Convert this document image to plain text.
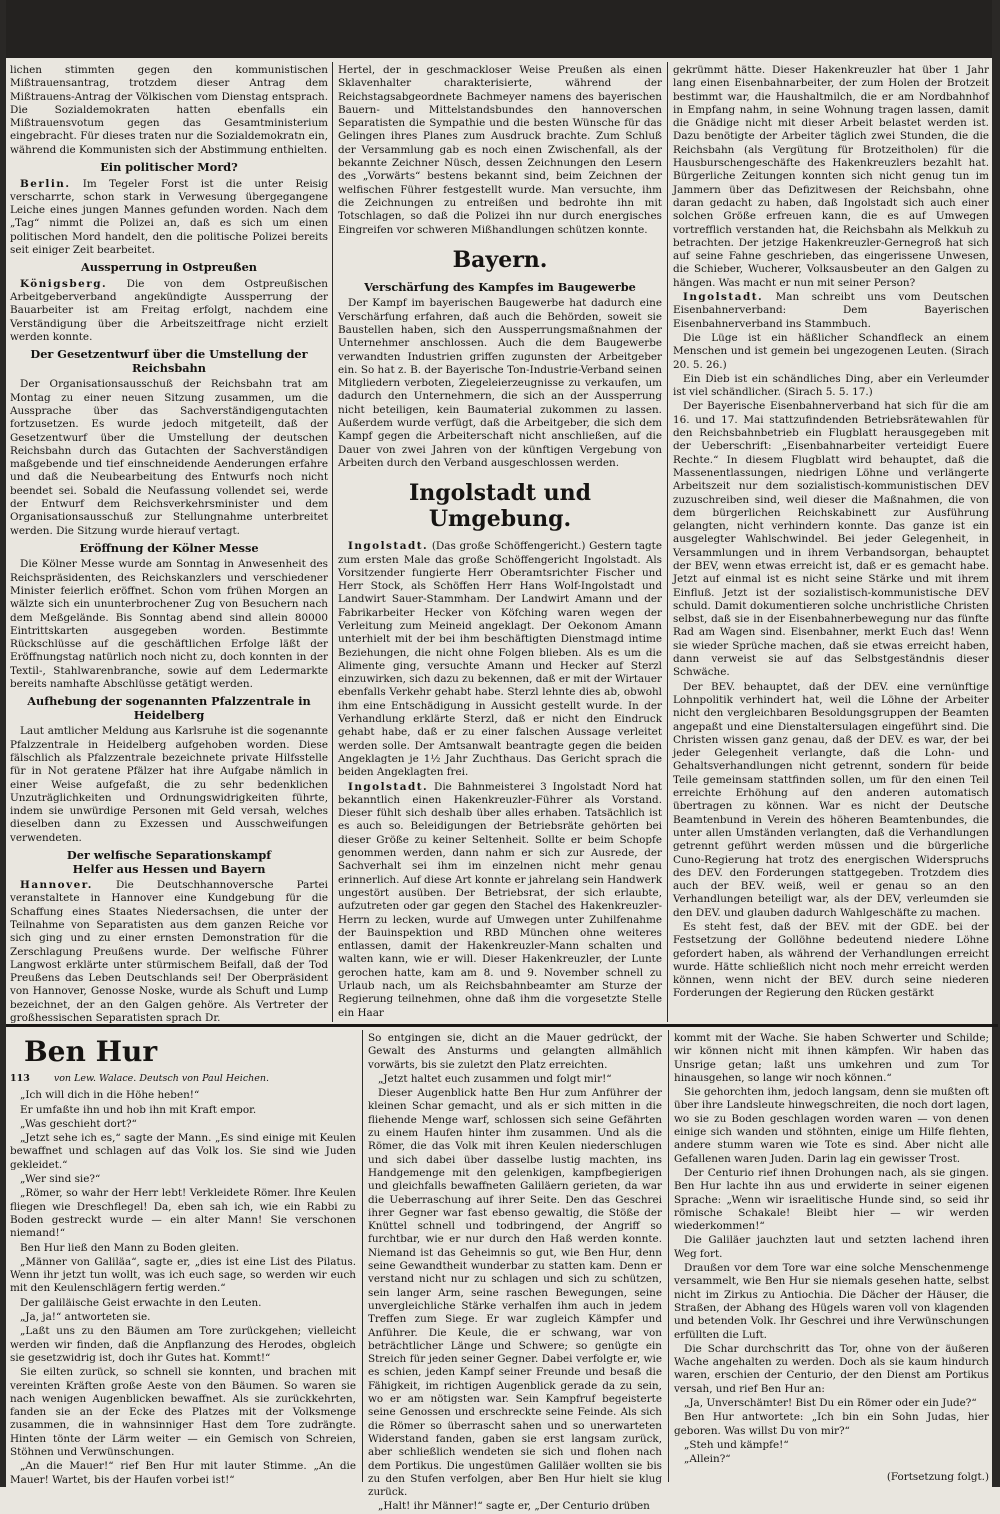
lichen stimmten gegen den kommunistischen Mißtrauensantrag, trotzdem dieser Antrag dem Mißtrauens-Antrag der Völkischen vom Dienstag entsprach. Die Sozialdemokraten hatten ebenfalls ein Mißtrauensvotum gegen das Gesamtministerium eingebracht. Für dieses traten nur die Sozialdemokratn ein, während die Kommunisten sich der Abstimmung enthielten.

Ein politischer Mord?

Berlin. Im Tegeler Forst ist die unter Reisig verscharrte, schon stark in Verwesung übergegangene Leiche eines jungen Mannes gefunden worden. Nach dem „Tag“ nimmt die Polizei an, daß es sich um einen politischen Mord handelt, den die politische Polizei bereits seit einiger Zeit bearbeitet.

Aussperrung in Ostpreußen

Königsberg. Die von dem Ostpreußischen Arbeitgeberverband angekündigte Aussperrung der Bauarbeiter ist am Freitag erfolgt, nachdem eine Verständigung über die Arbeitszeitfrage nicht erzielt werden konnte.

Der Gesetzentwurf über die Umstellung der Reichsbahn

Der Organisationsausschuß der Reichsbahn trat am Montag zu einer neuen Sitzung zusammen, um die Aussprache über das Sachverständigengutachten fortzusetzen. Es wurde jedoch mitgeteilt, daß der Gesetzentwurf über die Umstellung der deutschen Reichsbahn durch das Gutachten der Sachverständigen maßgebende und tief einschneidende Aenderungen erfahre und daß die Neubearbeitung des Entwurfs noch nicht beendet sei. Sobald die Neufassung vollendet sei, werde der Entwurf dem Reichsverkehrsminister und dem Organisationsausschuß zur Stellungnahme unterbreitet werden. Die Sitzung wurde hierauf vertagt.

Eröffnung der Kölner Messe

Die Kölner Messe wurde am Sonntag in Anwesenheit des Reichspräsidenten, des Reichskanzlers und verschiedener Minister feierlich eröffnet. Schon vom frühen Morgen an wälzte sich ein ununterbrochener Zug von Besuchern nach dem Meßgelände. Bis Sonntag abend sind allein 80000 Eintrittskarten ausgegeben worden. Bestimmte Rückschlüsse auf die geschäftlichen Erfolge läßt der Eröffnungstag natürlich noch nicht zu, doch konnten in der Textil-, Stahlwarenbranche, sowie auf dem Ledermarkte bereits namhafte Abschlüsse getätigt werden.

Aufhebung der sogenannten Pfalzzentrale in Heidelberg

Laut amtlicher Meldung aus Karlsruhe ist die sogenannte Pfalzzentrale in Heidelberg aufgehoben worden. Diese fälschlich als Pfalzzentrale bezeichnete private Hilfsstelle für in Not geratene Pfälzer hat ihre Aufgabe nämlich in einer Weise aufgefaßt, die zu sehr bedenklichen Unzuträglichkeiten und Ordnungswidrigkeiten führte, indem sie unwürdige Personen mit Geld versah, welches dieselben dann zu Exzessen und Ausschweifungen verwendeten.

Der welfische Separationskampf
Helfer aus Hessen und Bayern

Hannover. Die Deutschhannoversche Partei veranstaltete in Hannover eine Kundgebung für die Schaffung eines Staates Niedersachsen, die unter der Teilnahme von Separatisten aus dem ganzen Reiche vor sich ging und zu einer ernsten Demonstration für die Zerschlagung Preußens wurde. Der welfische Führer Langwost erklärte unter stürmischem Beifall, daß der Tod Preußens das Leben Deutschlands sei! Der Oberpräsident von Hannover, Genosse Noske, wurde als Schuft und Lump bezeichnet, der an den Galgen gehöre. Als Vertreter der großhessischen Separatisten sprach Dr.

Hertel, der in geschmackloser Weise Preußen als einen Sklavenhalter charakterisierte, während der Reichstagsabgeordnete Bachmeyer namens des bayerischen Bauern- und Mittelstandsbundes den hannoverschen Separatisten die Sympathie und die besten Wünsche für das Gelingen ihres Planes zum Ausdruck brachte. Zum Schluß der Versammlung gab es noch einen Zwischenfall, als der bekannte Zeichner Nüsch, dessen Zeichnungen den Lesern des „Vorwärts“ bestens bekannt sind, beim Zeichnen der welfischen Führer festgestellt wurde. Man versuchte, ihm die Zeichnungen zu entreißen und bedrohte ihn mit Totschlagen, so daß die Polizei ihn nur durch energisches Eingreifen vor schweren Mißhandlungen schützen konnte.

Bayern.
Verschärfung des Kampfes im Baugewerbe

Der Kampf im bayerischen Baugewerbe hat dadurch eine Verschärfung erfahren, daß auch die Behörden, soweit sie Baustellen haben, sich den Aussperrungsmaßnahmen der Unternehmer anschlossen. Auch die dem Baugewerbe verwandten Industrien griffen zugunsten der Arbeitgeber ein. So hat z. B. der Bayerische Ton-Industrie-Verband seinen Mitgliedern verboten, Ziegeleierzeugnisse zu verkaufen, um dadurch den Unternehmern, die sich an der Aussperrung nicht beteiligen, kein Baumaterial zukommen zu lassen. Außerdem wurde verfügt, daß die Arbeitgeber, die sich dem Kampf gegen die Arbeiterschaft nicht anschließen, auf die Dauer von zwei Jahren von der künftigen Vergebung von Arbeiten durch den Verband ausgeschlossen werden.

Ingolstadt und Umgebung.

Ingolstadt. (Das große Schöffengericht.) Gestern tagte zum ersten Male das große Schöffengericht Ingolstadt. Als Vorsitzender fungierte Herr Oberamtsrichter Fischer und Herr Stock, als Schöffen Herr Hans Wolf-Ingolstadt und Landwirt Sauer-Stammham. Der Landwirt Amann und der Fabrikarbeiter Hecker von Köfching waren wegen der Verleitung zum Meineid angeklagt. Der Oekonom Amann unterhielt mit der bei ihm beschäftigten Dienstmagd intime Beziehungen, die nicht ohne Folgen blieben. Als es um die Alimente ging, versuchte Amann und Hecker auf Sterzl einzuwirken, sich dazu zu bekennen, daß er mit der Wirtauer ebenfalls Verkehr gehabt habe. Sterzl lehnte dies ab, obwohl ihm eine Entschädigung in Aussicht gestellt wurde. In der Verhandlung erklärte Sterzl, daß er nicht den Eindruck gehabt habe, daß er zu einer falschen Aussage verleitet werden solle. Der Amtsanwalt beantragte gegen die beiden Angeklagten je 1½ Jahr Zuchthaus. Das Gericht sprach die beiden Angeklagten frei.

Ingolstadt. Die Bahnmeisterei 3 Ingolstadt Nord hat bekanntlich einen Hakenkreuzler-Führer als Vorstand. Dieser fühlt sich deshalb über alles erhaben. Tatsächlich ist es auch so. Beleidigungen der Betriebsräte gehörten bei dieser Größe zu keiner Seltenheit. Sollte er beim Schopfe genommen werden, dann nahm er sich zur Ausrede, der Sachverhalt sei ihm im einzelnen nicht mehr genau erinnerlich. Auf diese Art konnte er jahrelang sein Handwerk ungestört ausüben. Der Betriebsrat, der sich erlaubte, aufzutreten oder gar gegen den Stachel des Hakenkreuzler-Herrn zu lecken, wurde auf Umwegen unter Zuhilfenahme der Bauinspektion und RBD München ohne weiteres entlassen, damit der Hakenkreuzler-Mann schalten und walten kann, wie er will. Dieser Hakenkreuzler, der Lunte gerochen hatte, kam am 8. und 9. November schnell zu Urlaub nach, um als Reichsbahnbeamter am Sturze der Regierung teilnehmen, ohne daß ihm die vorgesetzte Stelle ein Haar

gekrümmt hätte. Dieser Hakenkreuzler hat über 1 Jahr lang einen Eisenbahnarbeiter, der zum Holen der Brotzeit bestimmt war, die Haushaltmilch, die er am Nordbahnhof in Empfang nahm, in seine Wohnung tragen lassen, damit die Gnädige nicht mit dieser Arbeit belastet werden ist. Dazu benötigte der Arbeiter täglich zwei Stunden, die die Reichsbahn (als Vergütung für Brotzeitholen) für die Hausburschengeschäfte des Hakenkreuzlers bezahlt hat. Bürgerliche Zeitungen konnten sich nicht genug tun im Jammern über das Defizitwesen der Reichsbahn, ohne daran gedacht zu haben, daß Ingolstadt sich auch einer solchen Größe erfreuen kann, die es auf Umwegen vortrefflich verstanden hat, die Reichsbahn als Melkkuh zu betrachten. Der jetzige Hakenkreuzler-Gernegroß hat sich auf seine Fahne geschrieben, das eingerissene Unwesen, die Schieber, Wucherer, Volksausbeuter an den Galgen zu hängen. Was macht er nun mit seiner Person?

Ingolstadt. Man schreibt uns vom Deutschen Eisenbahnerverband: Dem Bayerischen Eisenbahnerverband ins Stammbuch.

Die Lüge ist ein häßlicher Schandfleck an einem Menschen und ist gemein bei ungezogenen Leuten. (Sirach 20. 5. 26.)

Ein Dieb ist ein schändliches Ding, aber ein Verleumder ist viel schändlicher. (Sirach 5. 5. 17.)

Der Bayerische Eisenbahnerverband hat sich für die am 16. und 17. Mai stattzufindenden Betriebsrätewahlen für den Reichsbahnbetrieb ein Flugblatt herausgegeben mit der Ueberschrift: „Eisenbahnarbeiter verteidigt Euere Rechte.“ In diesem Flugblatt wird behauptet, daß die Massenentlassungen, niedrigen Löhne und verlängerte Arbeitszeit nur dem sozialistisch-kommunistischen DEV zuzuschreiben sind, weil dieser die Maßnahmen, die von dem bürgerlichen Reichskabinett zur Ausführung gelangten, nicht verhindern konnte. Das ganze ist ein ausgelegter Wahlschwindel. Bei jeder Gelegenheit, in Versammlungen und in ihrem Verbandsorgan, behauptet der BEV, wenn etwas erreicht ist, daß er es gemacht habe. Jetzt auf einmal ist es nicht seine Stärke und mit ihrem Einfluß. Jetzt ist der sozialistisch-kommunistische DEV schuld. Damit dokumentieren solche unchristliche Christen selbst, daß sie in der Eisenbahnerbewegung nur das fünfte Rad am Wagen sind. Eisenbahner, merkt Euch das! Wenn sie wieder Sprüche machen, daß sie etwas erreicht haben, dann verweist sie auf das Selbstgeständnis dieser Schwäche.

Der BEV. behauptet, daß der DEV. eine vernünftige Lohnpolitik verhindert hat, weil die Löhne der Arbeiter nicht den vergleichbaren Besoldungsgruppen der Beamten angepaßt und eine Dienstaltersulagen eingeführt sind. Die Christen wissen ganz genau, daß der DEV. es war, der bei jeder Gelegenheit verlangte, daß die Lohn- und Gehaltsverhandlungen nicht getrennt, sondern für beide Teile gemeinsam stattfinden sollen, um für den einen Teil erreichte Erhöhung auf den anderen automatisch übertragen zu können. War es nicht der Deutsche Beamtenbund in Verein des höheren Beamtenbundes, die unter allen Umständen verlangten, daß die Verhandlungen getrennt geführt werden müssen und die bürgerliche Cuno-Regierung hat trotz des energischen Widerspruchs des DEV. den Forderungen stattgegeben. Trotzdem dies auch der BEV. weiß, weil er genau so an den Verhandlungen beteiligt war, als der DEV, verleumden sie den DEV. und glauben dadurch Wahlgeschäfte zu machen.

Es steht fest, daß der BEV. mit der GDE. bei der Festsetzung der Gollöhne bedeutend niedere Löhne gefordert haben, als während der Verhandlungen erreicht wurde. Hätte schließlich nicht noch mehr erreicht werden können, wenn nicht der BEV. durch seine niederen Forderungen der Regierung den Rücken gestärkt

Ben Hur
113	von Lew. Walace. Deutsch von Paul Heichen.

„Ich will dich in die Höhe heben!“

Er umfaßte ihn und hob ihn mit Kraft empor.

„Was geschieht dort?“

„Jetzt sehe ich es,“ sagte der Mann. „Es sind einige mit Keulen bewaffnet und schlagen auf das Volk los. Sie sind wie Juden gekleidet.“

„Wer sind sie?“

„Römer, so wahr der Herr lebt! Verkleidete Römer. Ihre Keulen fliegen wie Dreschflegel! Da, eben sah ich, wie ein Rabbi zu Boden gestreckt wurde — ein alter Mann! Sie verschonen niemand!“

Ben Hur ließ den Mann zu Boden gleiten.

„Männer von Galiläa“, sagte er, „dies ist eine List des Pilatus. Wenn ihr jetzt tun wollt, was ich euch sage, so werden wir euch mit den Keulenschlägern fertig werden.“

Der galiläische Geist erwachte in den Leuten.

„Ja, ja!“ antworteten sie.

„Laßt uns zu den Bäumen am Tore zurückgehen; vielleicht werden wir finden, daß die Anpflanzung des Herodes, obgleich sie gesetzwidrig ist, doch ihr Gutes hat. Kommt!“

Sie eilten zurück, so schnell sie konnten, und brachen mit vereinten Kräften große Aeste von den Bäumen. So waren sie nach wenigen Augenblicken bewaffnet. Als sie zurückkehrten, fanden sie an der Ecke des Platzes mit der Volksmenge zusammen, die in wahnsinniger Hast dem Tore zudrängte. Hinten tönte der Lärm weiter — ein Gemisch von Schreien, Stöhnen und Verwünschungen.

„An die Mauer!“ rief Ben Hur mit lauter Stimme. „An die Mauer! Wartet, bis der Haufen vorbei ist!“

So entgingen sie, dicht an die Mauer gedrückt, der Gewalt des Ansturms und gelangten allmählich vorwärts, bis sie zuletzt den Platz erreichten.

„Jetzt haltet euch zusammen und folgt mir!“

Dieser Augenblick hatte Ben Hur zum Anführer der kleinen Schar gemacht, und als er sich mitten in die fliehende Menge warf, schlossen sich seine Gefährten zu einem Haufen hinter ihm zusammen. Und als die Römer, die das Volk mit ihren Keulen niederschlugen und sich dabei über dasselbe lustig machten, ins Handgemenge mit den gelenkigen, kampfbegierigen und gleichfalls bewaffneten Galiläern gerieten, da war die Ueberraschung auf ihrer Seite. Den das Geschrei ihrer Gegner war fast ebenso gewaltig, die Stöße der Knüttel schnell und todbringend, der Angriff so furchtbar, wie er nur durch den Haß werden konnte. Niemand ist das Geheimnis so gut, wie Ben Hur, denn seine Gewandtheit wunderbar zu statten kam. Denn er verstand nicht nur zu schlagen und sich zu schützen, sein langer Arm, seine raschen Bewegungen, seine unvergleichliche Stärke verhalfen ihm auch in jedem Treffen zum Siege. Er war zugleich Kämpfer und Anführer. Die Keule, die er schwang, war von beträchtlicher Länge und Schwere; so genügte ein Streich für jeden seiner Gegner. Dabei verfolgte er, wie es schien, jeden Kampf seiner Freunde und besaß die Fähigkeit, im richtigen Augenblick gerade da zu sein, wo er am nötigsten war. Sein Kampfruf begeisterte seine Genossen und erschreckte seine Feinde. Als sich die Römer so überrascht sahen und so unerwarteten Widerstand fanden, gaben sie erst langsam zurück, aber schließlich wendeten sie sich und flohen nach dem Portikus. Die ungestümen Galiläer wollten sie bis zu den Stufen verfolgen, aber Ben Hur hielt sie klug zurück.

„Halt! ihr Männer!“ sagte er, „Der Centurio drüben

kommt mit der Wache. Sie haben Schwerter und Schilde; wir können nicht mit ihnen kämpfen. Wir haben das Unsrige getan; laßt uns umkehren und zum Tor hinausgehen, so lange wir noch können.“

Sie gehorchten ihm, jedoch langsam, denn sie mußten oft über ihre Landsleute hinwegschreiten, die noch dort lagen, wo sie zu Boden geschlagen worden waren — von denen einige sich wanden und stöhnten, einige um Hilfe flehten, andere stumm waren wie Tote es sind. Aber nicht alle Gefallenen waren Juden. Darin lag ein gewisser Trost.

Der Centurio rief ihnen Drohungen nach, als sie gingen. Ben Hur lachte ihn aus und erwiderte in seiner eigenen Sprache: „Wenn wir israelitische Hunde sind, so seid ihr römische Schakale! Bleibt hier — wir werden wiederkommen!“

Die Galiläer jauchzten laut und setzten lachend ihren Weg fort.

Draußen vor dem Tore war eine solche Menschenmenge versammelt, wie Ben Hur sie niemals gesehen hatte, selbst nicht im Zirkus zu Antiochia. Die Dächer der Häuser, die Straßen, der Abhang des Hügels waren voll von klagenden und betenden Volk. Ihr Geschrei und ihre Verwünschungen erfüllten die Luft.

Die Schar durchschritt das Tor, ohne von der äußeren Wache angehalten zu werden. Doch als sie kaum hindurch waren, erschien der Centurio, der den Dienst am Portikus versah, und rief Ben Hur an:

„Ja, Unverschämter! Bist Du ein Römer oder ein Jude?“

Ben Hur antwortete: „Ich bin ein Sohn Judas, hier geboren. Was willst Du von mir?“

„Steh und kämpfe!“

„Allein?“

(Fortsetzung folgt.)
